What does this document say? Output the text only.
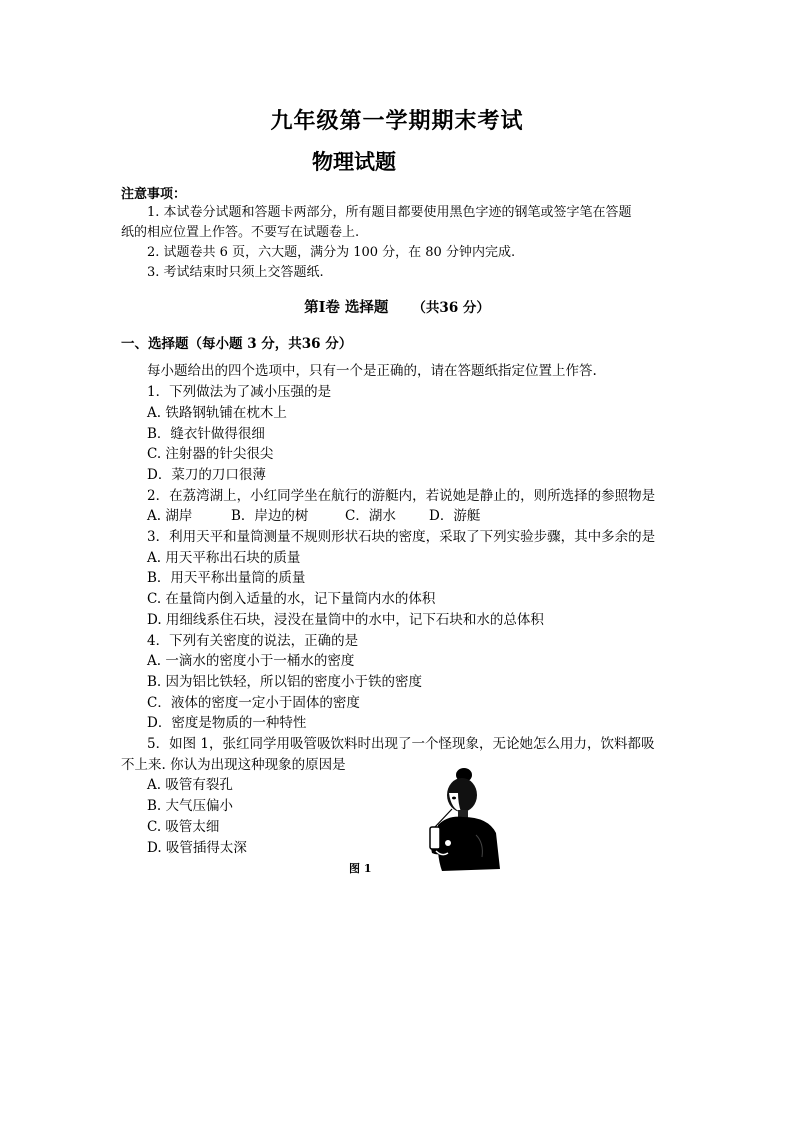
九年级第一学期期末考试
物理试题
注意事项：
1. 本试卷分试题和答题卡两部分，所有题目都要使用黑色字迹的钢笔或签字笔在答题
纸的相应位置上作答。不要写在试题卷上.
2. 试题卷共 6 页，六大题，满分为 100 分，在 80 分钟内完成.
3. 考试结束时只须上交答题纸.
第Ⅰ卷 选择题 （共36 分）
一、选择题（每小题 3 分，共36 分）
每小题给出的四个选项中，只有一个是正确的，请在答题纸指定位置上作答.
1．下列做法为了减小压强的是
A. 铁路钢轨铺在枕木上
B．缝衣针做得很细
C. 注射器的针尖很尖
D．菜刀的刀口很薄
2．在荔湾湖上，小红同学坐在航行的游艇内，若说她是静止的，则所选择的参照物是
A. 湖岸	B．岸边的树	C．湖水 D．游艇
3．利用天平和量筒测量不规则形状石块的密度，采取了下列实验步骤，其中多余的是
A. 用天平称出石块的质量
B．用天平称出量筒的质量
C. 在量筒内倒入适量的水，记下量筒内水的体积
D. 用细线系住石块，浸没在量筒中的水中，记下石块和水的总体积
4．下列有关密度的说法，正确的是
A. 一滴水的密度小于一桶水的密度
B. 因为铝比铁轻，所以铝的密度小于铁的密度
C．液体的密度一定小于固体的密度
D．密度是物质的一种特性
5．如图 1，张红同学用吸管吸饮料时出现了一个怪现象，无论她怎么用力，饮料都吸
不上来. 你认为出现这种现象的原因是
A. 吸管有裂孔
B. 大气压偏小
C. 吸管太细
D. 吸管插得太深
图 1
